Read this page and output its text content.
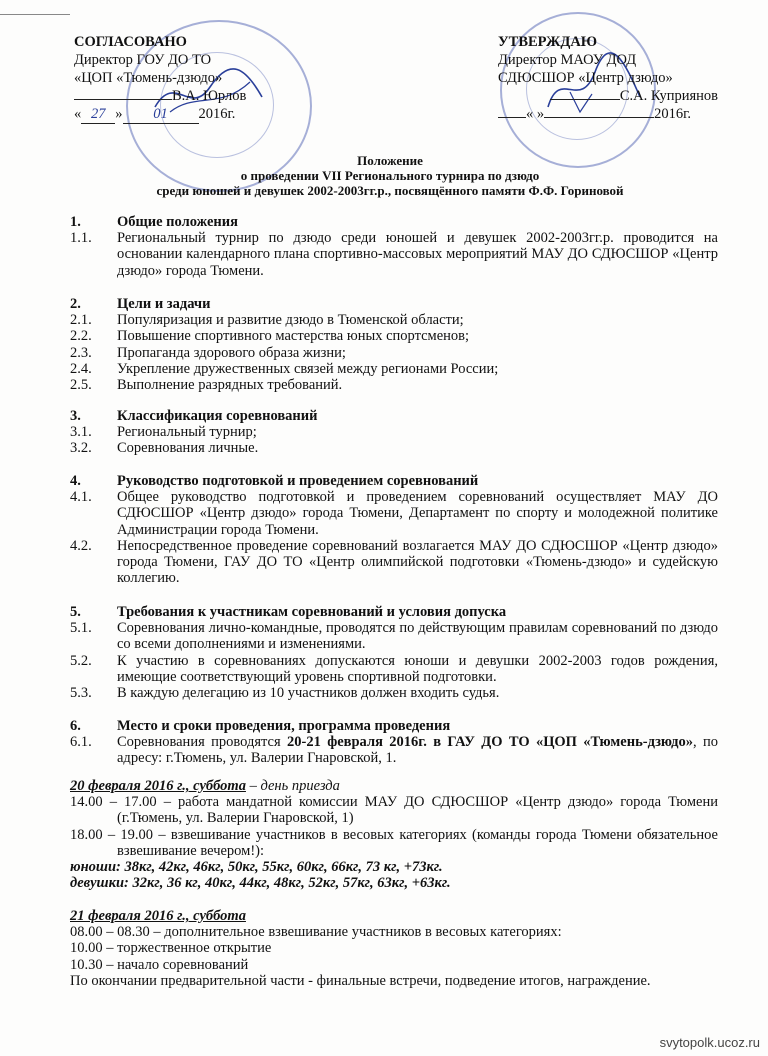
СОГЛАСОВАНО
Директор ГОУ ДО ТО
«ЦОП «Тюмень-дзюдо»
В.А. Юрлов
« 27 » 01 2016г.
УТВЕРЖДАЮ
Директор МАОУ ДОД
СДЮСШОР «Центр дзюдо»
С.А. Куприянов
« »	2016г.
Положение
о проведении VII Регионального турнира по дзюдо
среди юношей и девушек 2002-2003гг.р., посвящённого памяти Ф.Ф. Гориновой
1.	Общие положения
1.1.	Региональный турнир по дзюдо среди юношей и девушек 2002-2003гг.р. проводится на основании календарного плана спортивно-массовых мероприятий МАУ ДО СДЮСШОР «Центр дзюдо» города Тюмени.
2.	Цели и задачи
2.1.	Популяризация и развитие дзюдо в Тюменской области;
2.2.	Повышение спортивного мастерства юных спортсменов;
2.3.	Пропаганда здорового образа жизни;
2.4.	Укрепление дружественных связей между регионами России;
2.5.	Выполнение разрядных требований.
3.	Классификация соревнований
3.1.	Региональный турнир;
3.2.	Соревнования личные.
4.	Руководство подготовкой и проведением соревнований
4.1.	Общее руководство подготовкой и проведением соревнований осуществляет МАУ ДО СДЮСШОР «Центр дзюдо» города Тюмени, Департамент по спорту и молодежной политике Администрации города Тюмени.
4.2.	Непосредственное проведение соревнований возлагается МАУ ДО СДЮСШОР «Центр дзюдо» города Тюмени, ГАУ ДО ТО «Центр олимпийской подготовки «Тюмень-дзюдо» и судейскую коллегию.
5.	Требования к участникам соревнований и условия допуска
5.1.	Соревнования лично-командные, проводятся по действующим правилам соревнований по дзюдо со всеми дополнениями и изменениями.
5.2.	К участию в соревнованиях допускаются юноши и девушки 2002-2003 годов рождения, имеющие соответствующий уровень спортивной подготовки.
5.3.	В каждую делегацию из 10 участников должен входить судья.
6.	Место и сроки проведения, программа проведения
6.1.	Соревнования проводятся 20-21 февраля 2016г. в ГАУ ДО ТО «ЦОП «Тюмень-дзюдо», по адресу: г.Тюмень, ул. Валерии Гнаровской, 1.
20 февраля 2016 г., суббота – день приезда
14.00 – 17.00 – работа мандатной комиссии МАУ ДО СДЮСШОР «Центр дзюдо» города Тюмени (г.Тюмень, ул. Валерии Гнаровской, 1)
18.00 – 19.00 – взвешивание участников в весовых категориях (команды города Тюмени обязательное взвешивание вечером!):
юноши: 38кг, 42кг, 46кг, 50кг, 55кг, 60кг, 66кг, 73 кг, +73кг.
девушки: 32кг, 36 кг, 40кг, 44кг, 48кг, 52кг, 57кг, 63кг, +63кг.
21 февраля 2016 г., суббота
08.00 – 08.30 – дополнительное взвешивание участников в весовых категориях:
10.00 – торжественное открытие
10.30 – начало соревнований
По окончании предварительной части - финальные встречи, подведение итогов, награждение.
svytopolk.ucoz.ru
